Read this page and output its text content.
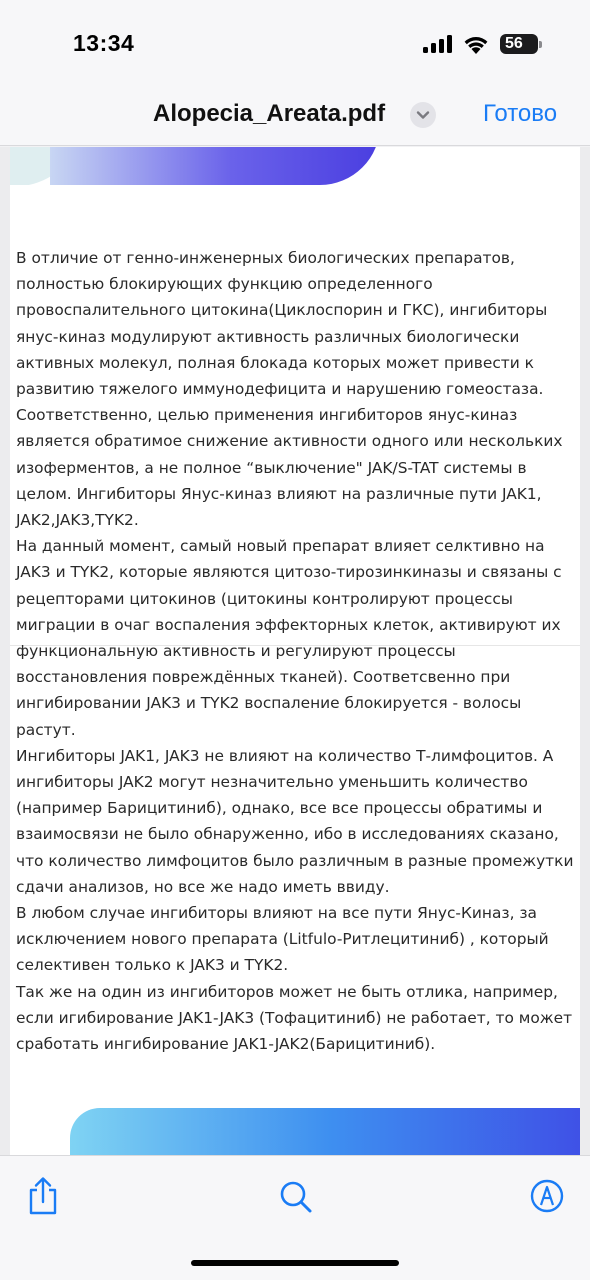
13:34	56
Alopecia_Areata.pdf	Готово

В отличие от генно-инженерных биологических препаратов, полностью блокирующих функцию определенного провоспалительного цитокина(Циклоспорин и ГКС), ингибиторы янус-киназ модулируют активность различных биологически активных молекул, полная блокада которых может привести к развитию тяжелого иммунодефицита и нарушению гомеостаза. Соответственно, целью применения ингибиторов янус-киназ является обратимое снижение активности одного или нескольких изоферментов, а не полное “выключение" JAK/S-TAT системы в целом. Ингибиторы Янус-киназ влияют на различные пути JAK1, JAK2,JAK3,TYK2.

На данный момент, самый новый препарат влияет селктивно на JAK3 и TYK2, которые являются цитозо-тирозинкиназы и связаны с рецепторами цитокинов (цитокины контролируют процессы миграции в очаг воспаления эффекторных клеток, активируют их функциональную активность и регулируют процессы восстановления повреждённых тканей). Соответсвенно при ингибировании JAK3 и TYK2 воспаление блокируется - волосы растут.

Ингибиторы JAK1, JAK3 не влияют на количество Т-лимфоцитов. А ингибиторы JAK2 могут незначительно уменьшить количество (например Барицитиниб), однако, все все процессы обратимы и взаимосвязи не было обнаруженно, ибо в исследованиях сказано, что количество лимфоцитов было различным в разные промежутки сдачи анализов, но все же надо иметь ввиду.

В любом случае ингибиторы влияют на все пути Янус-Киназ, за исключением нового препарата (Litfulo-Ритлецитиниб) , который селективен только к JAK3 и TYK2.

Так же на один из ингибиторов может не быть отлика, например, если игибирование JAK1-JAK3 (Тофацитиниб) не работает, то может сработать ингибирование JAK1-JAK2(Барицитиниб).
